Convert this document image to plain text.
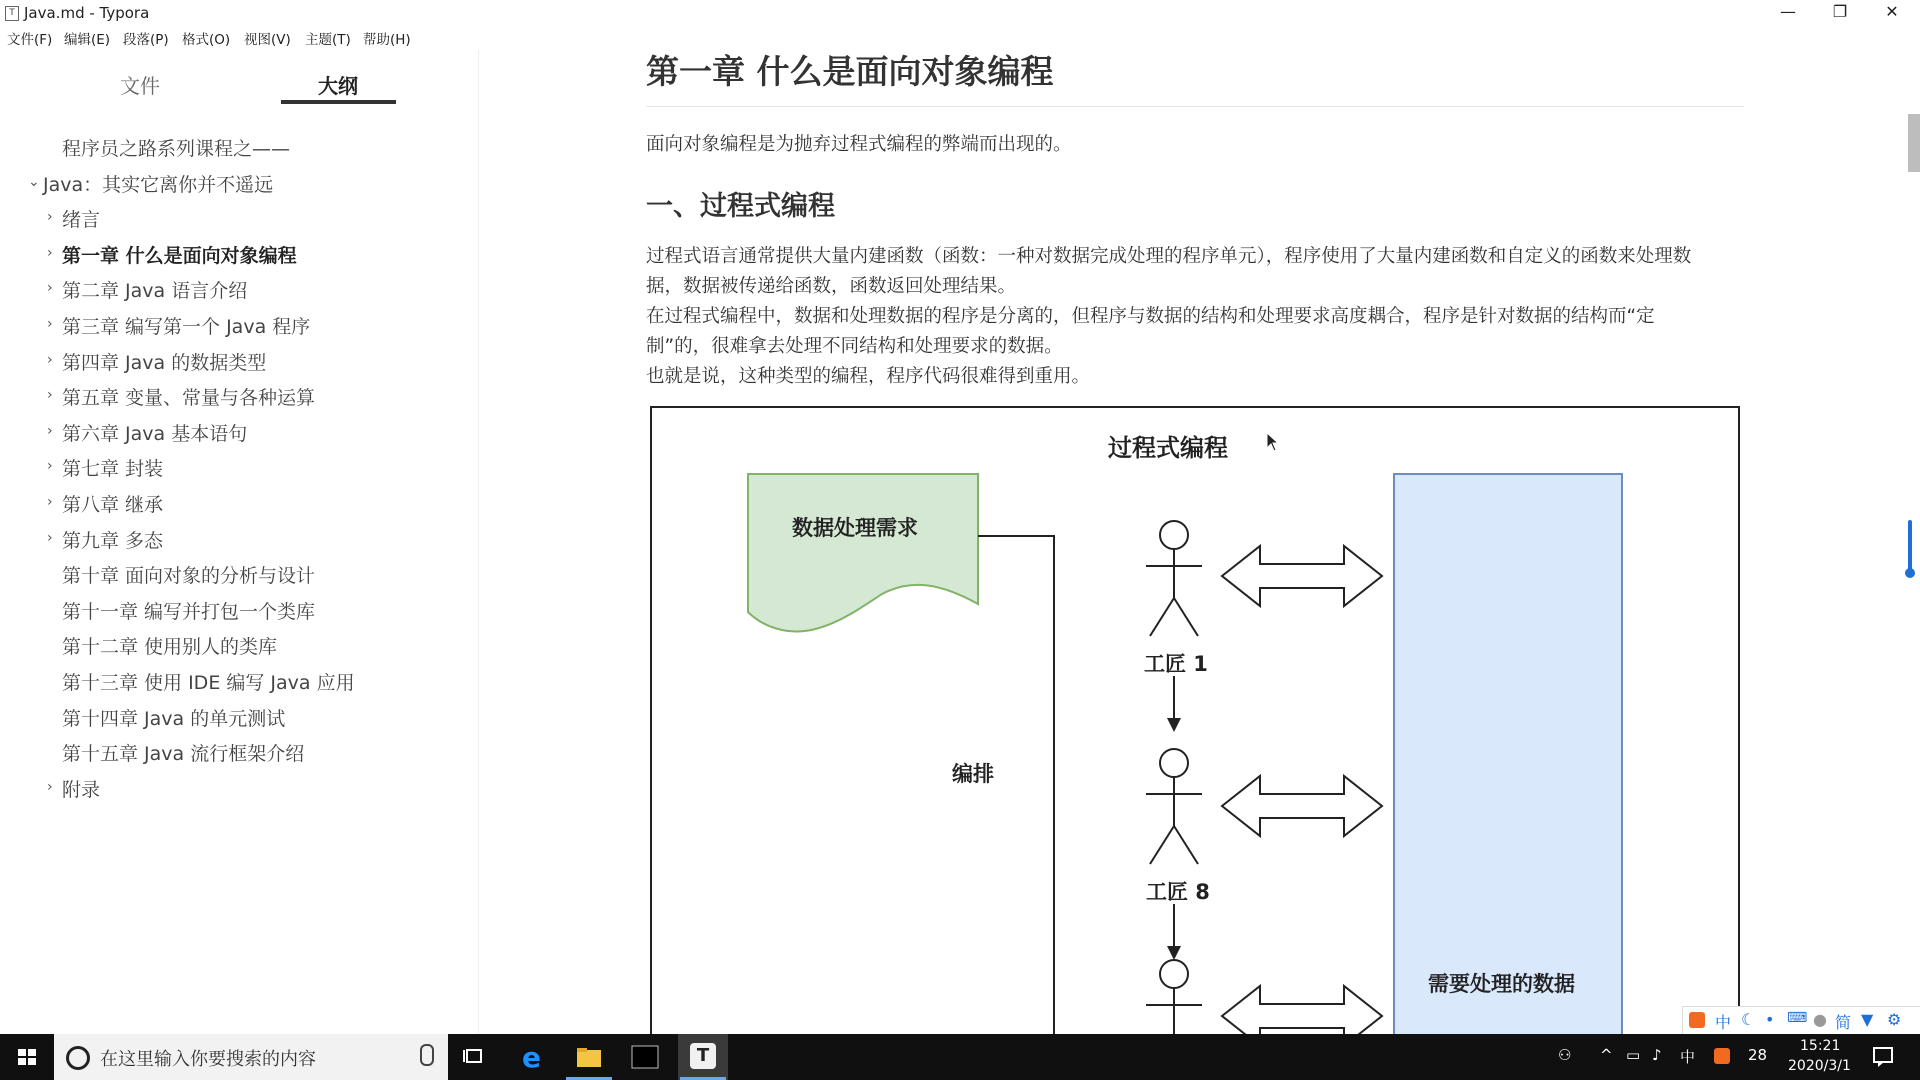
T Java.md - Typora	—	❐	✕
文件(F) 编辑(E) 段落(P) 格式(O) 视图(V) 主题(T) 帮助(H)
文件	大纲
程序员之路系列课程之——
⌄ Java：其实它离你并不遥远
› 绪言
› 第一章 什么是面向对象编程
› 第二章 Java 语言介绍
› 第三章 编写第一个 Java 程序
› 第四章 Java 的数据类型
› 第五章 变量、常量与各种运算
› 第六章 Java 基本语句
› 第七章 封装
› 第八章 继承
› 第九章 多态
第十章 面向对象的分析与设计
第十一章 编写并打包一个类库
第十二章 使用别人的类库
第十三章 使用 IDE 编写 Java 应用
第十四章 Java 的单元测试
第十五章 Java 流行框架介绍
› 附录
第一章 什么是面向对象编程
面向对象编程是为抛弃过程式编程的弊端而出现的。
一、过程式编程
过程式语言通常提供大量内建函数（函数：一种对数据完成处理的程序单元），程序使用了大量内建函数和自定义的函数来处理数
据，数据被传递给函数，函数返回处理结果。
在过程式编程中，数据和处理数据的程序是分离的，但程序与数据的结构和处理要求高度耦合，程序是针对数据的结构而“定
制”的，很难拿去处理不同结构和处理要求的数据。
也就是说，这种类型的编程，程序代码很难得到重用。
过程式编程
数据处理需求
编排
工匠 1
工匠 8
需要处理的数据
中 ☾ • ⌨ ● 简 ▼ ⚙
在这里输入你要搜索的内容	e	T	⚇ ^ ▭ ♪ 中	28 15:21
2020/3/1
